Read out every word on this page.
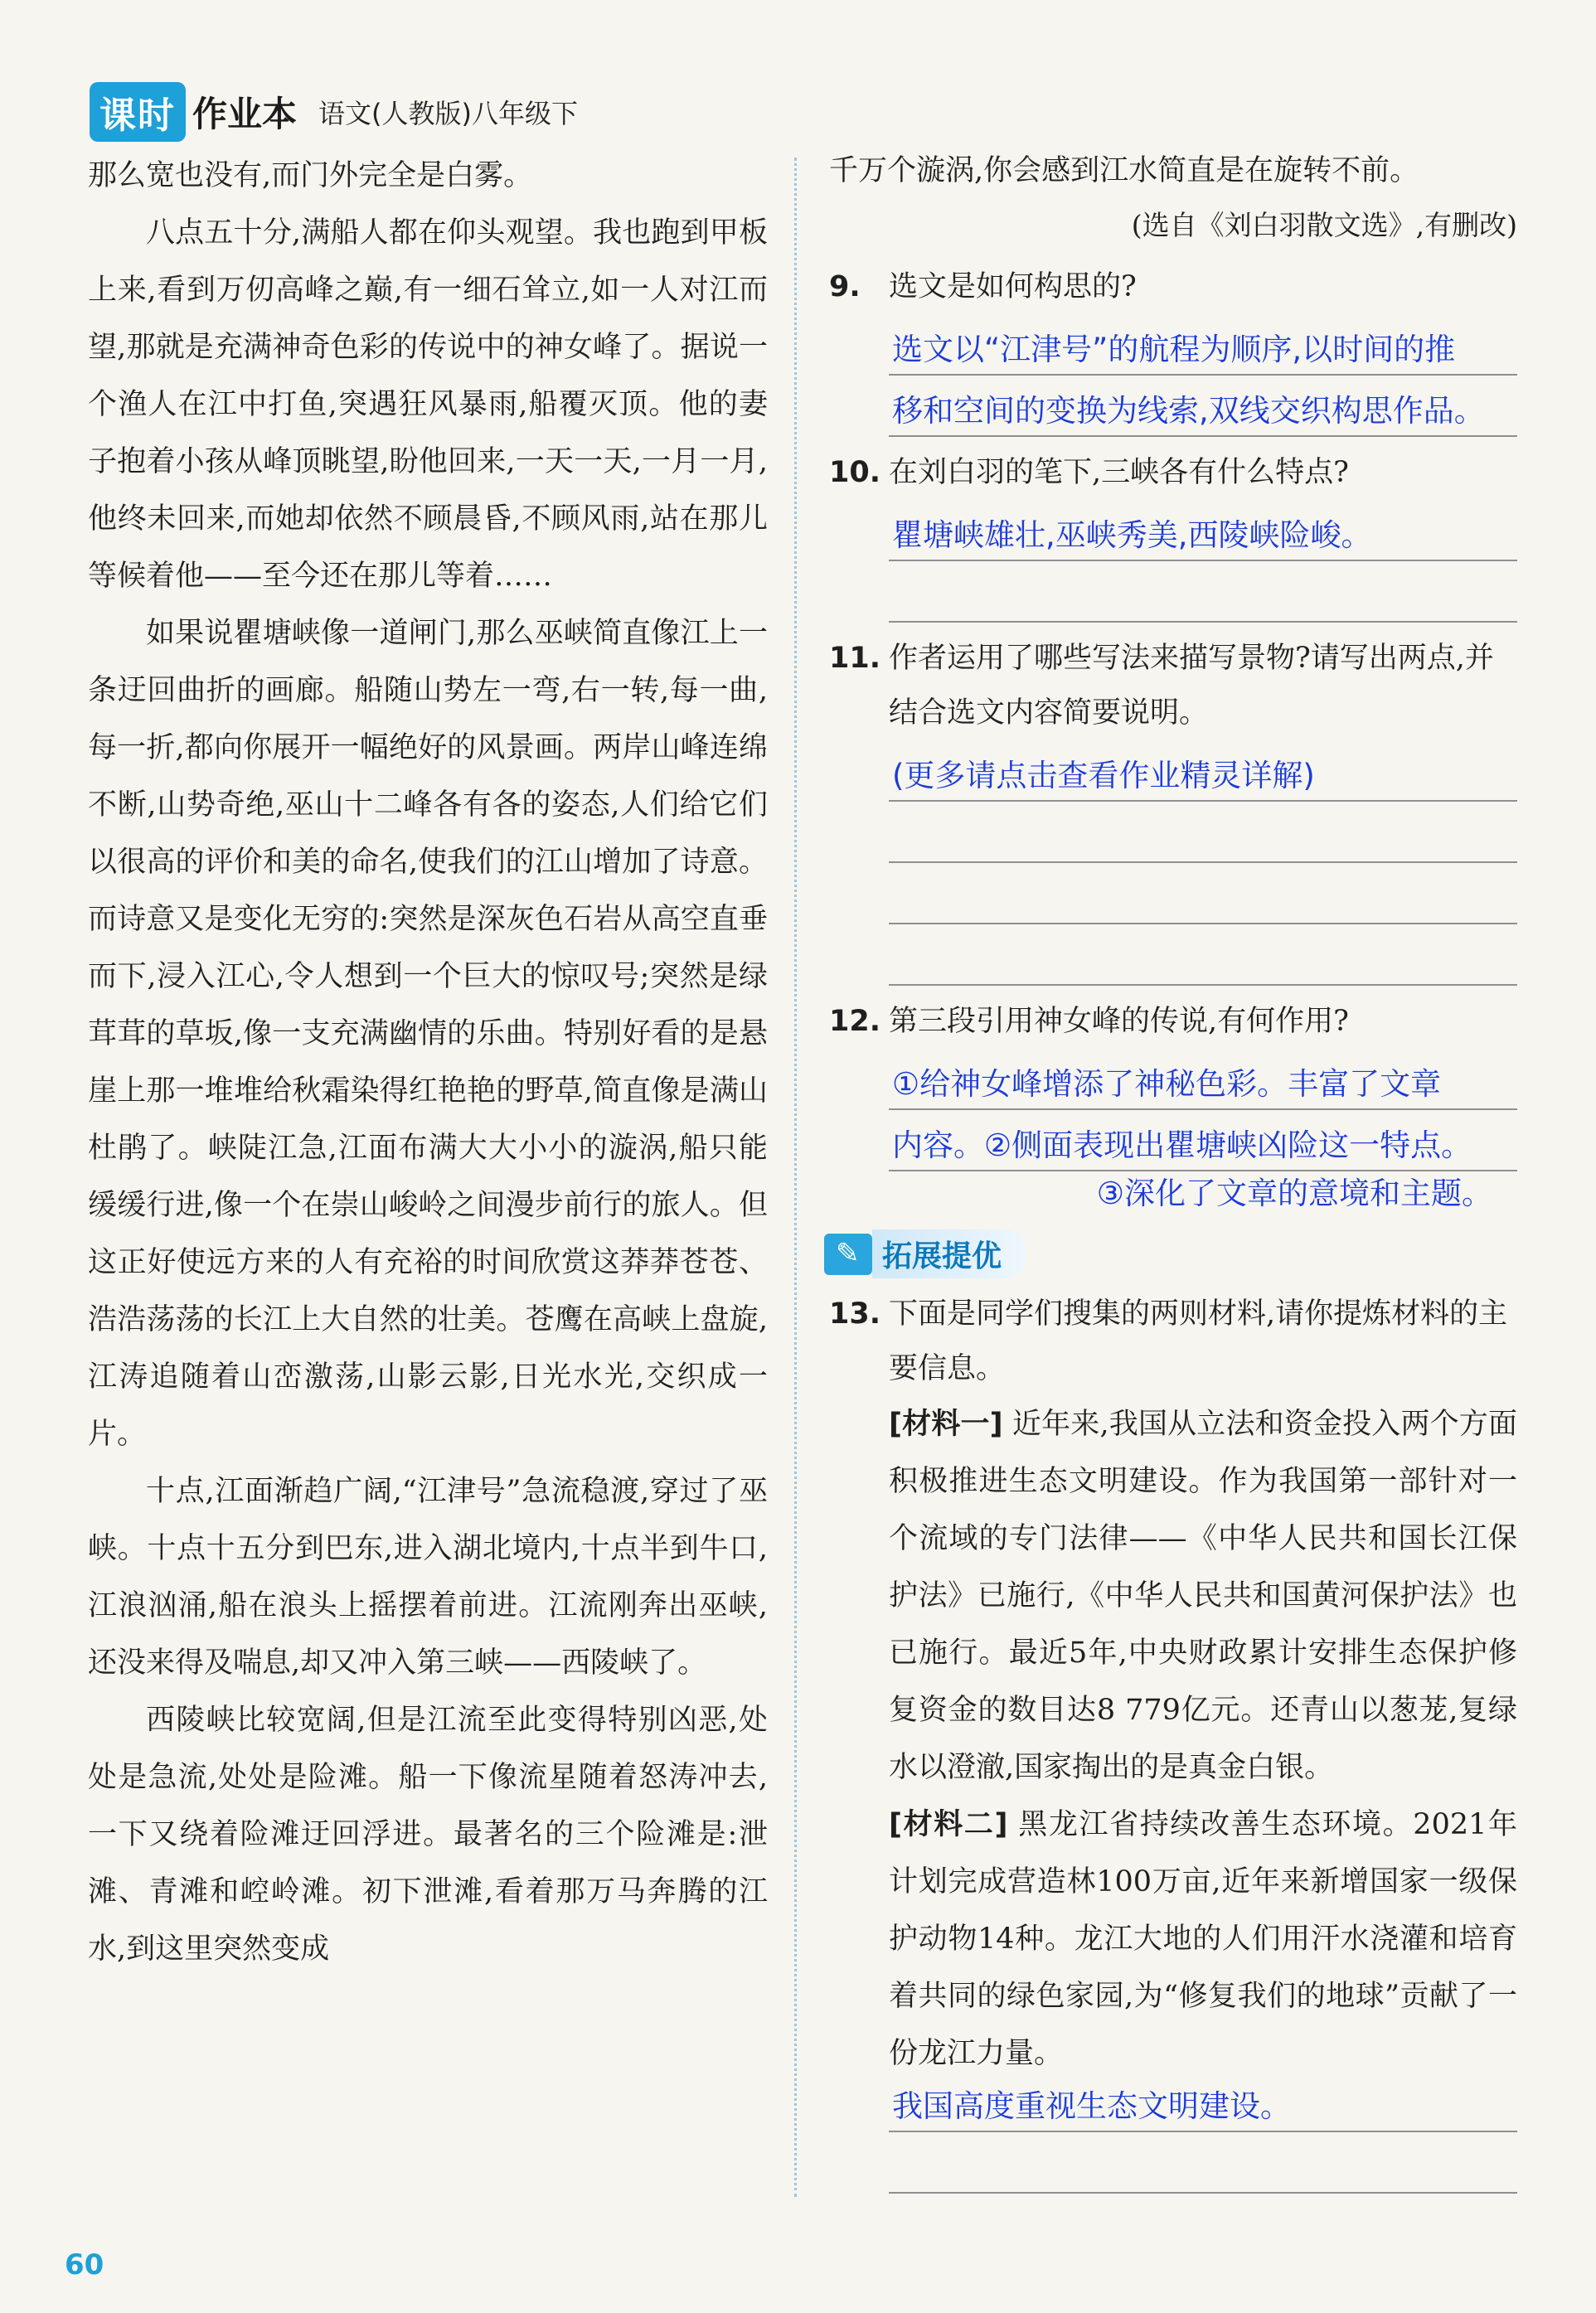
课时 作业本 语文(人教版)八年级下

那么宽也没有,而门外完全是白雾。

八点五十分,满船人都在仰头观望。我也跑到甲板上来,看到万仞高峰之巅,有一细石耸立,如一人对江而望,那就是充满神奇色彩的传说中的神女峰了。据说一个渔人在江中打鱼,突遇狂风暴雨,船覆灭顶。他的妻子抱着小孩从峰顶眺望,盼他回来,一天一天,一月一月,他终未回来,而她却依然不顾晨昏,不顾风雨,站在那儿等候着他——至今还在那儿等着……

如果说瞿塘峡像一道闸门,那么巫峡简直像江上一条迂回曲折的画廊。船随山势左一弯,右一转,每一曲,每一折,都向你展开一幅绝好的风景画。两岸山峰连绵不断,山势奇绝,巫山十二峰各有各的姿态,人们给它们以很高的评价和美的命名,使我们的江山增加了诗意。而诗意又是变化无穷的:突然是深灰色石岩从高空直垂而下,浸入江心,令人想到一个巨大的惊叹号;突然是绿茸茸的草坂,像一支充满幽情的乐曲。特别好看的是悬崖上那一堆堆给秋霜染得红艳艳的野草,简直像是满山杜鹃了。峡陡江急,江面布满大大小小的漩涡,船只能缓缓行进,像一个在崇山峻岭之间漫步前行的旅人。但这正好使远方来的人有充裕的时间欣赏这莽莽苍苍、浩浩荡荡的长江上大自然的壮美。苍鹰在高峡上盘旋,江涛追随着山峦激荡,山影云影,日光水光,交织成一片。

十点,江面渐趋广阔,“江津号”急流稳渡,穿过了巫峡。十点十五分到巴东,进入湖北境内,十点半到牛口,江浪汹涌,船在浪头上摇摆着前进。江流刚奔出巫峡,还没来得及喘息,却又冲入第三峡——西陵峡了。

西陵峡比较宽阔,但是江流至此变得特别凶恶,处处是急流,处处是险滩。船一下像流星随着怒涛冲去,一下又绕着险滩迂回浮进。最著名的三个险滩是:泄滩、青滩和崆岭滩。初下泄滩,看着那万马奔腾的江水,到这里突然变成

千万个漩涡,你会感到江水简直是在旋转不前。

(选自《刘白羽散文选》,有删改)

9. 选文是如何构思的?
选文以“江津号”的航程为顺序,以时间的推
移和空间的变换为线索,双线交织构思作品。
10. 在刘白羽的笔下,三峡各有什么特点?
瞿塘峡雄壮,巫峡秀美,西陵峡险峻。
11. 作者运用了哪些写法来描写景物?请写出两点,并结合选文内容简要说明。
(更多请点击查看作业精灵详解)
12. 第三段引用神女峰的传说,有何作用?
①给神女峰增添了神秘色彩。丰富了文章
内容。②侧面表现出瞿塘峡凶险这一特点。
③深化了文章的意境和主题。
✎
拓展提优
13. 下面是同学们搜集的两则材料,请你提炼材料的主要信息。
[材料一] 近年来,我国从立法和资金投入两个方面积极推进生态文明建设。作为我国第一部针对一个流域的专门法律——《中华人民共和国长江保护法》已施行,《中华人民共和国黄河保护法》也已施行。最近5年,中央财政累计安排生态保护修复资金的数目达8 779亿元。还青山以葱茏,复绿水以澄澈,国家掏出的是真金白银。
[材料二] 黑龙江省持续改善生态环境。2021年计划完成营造林100万亩,近年来新增国家一级保护动物14种。龙江大地的人们用汗水浇灌和培育着共同的绿色家园,为“修复我们的地球”贡献了一份龙江力量。
我国高度重视生态文明建设。
60
